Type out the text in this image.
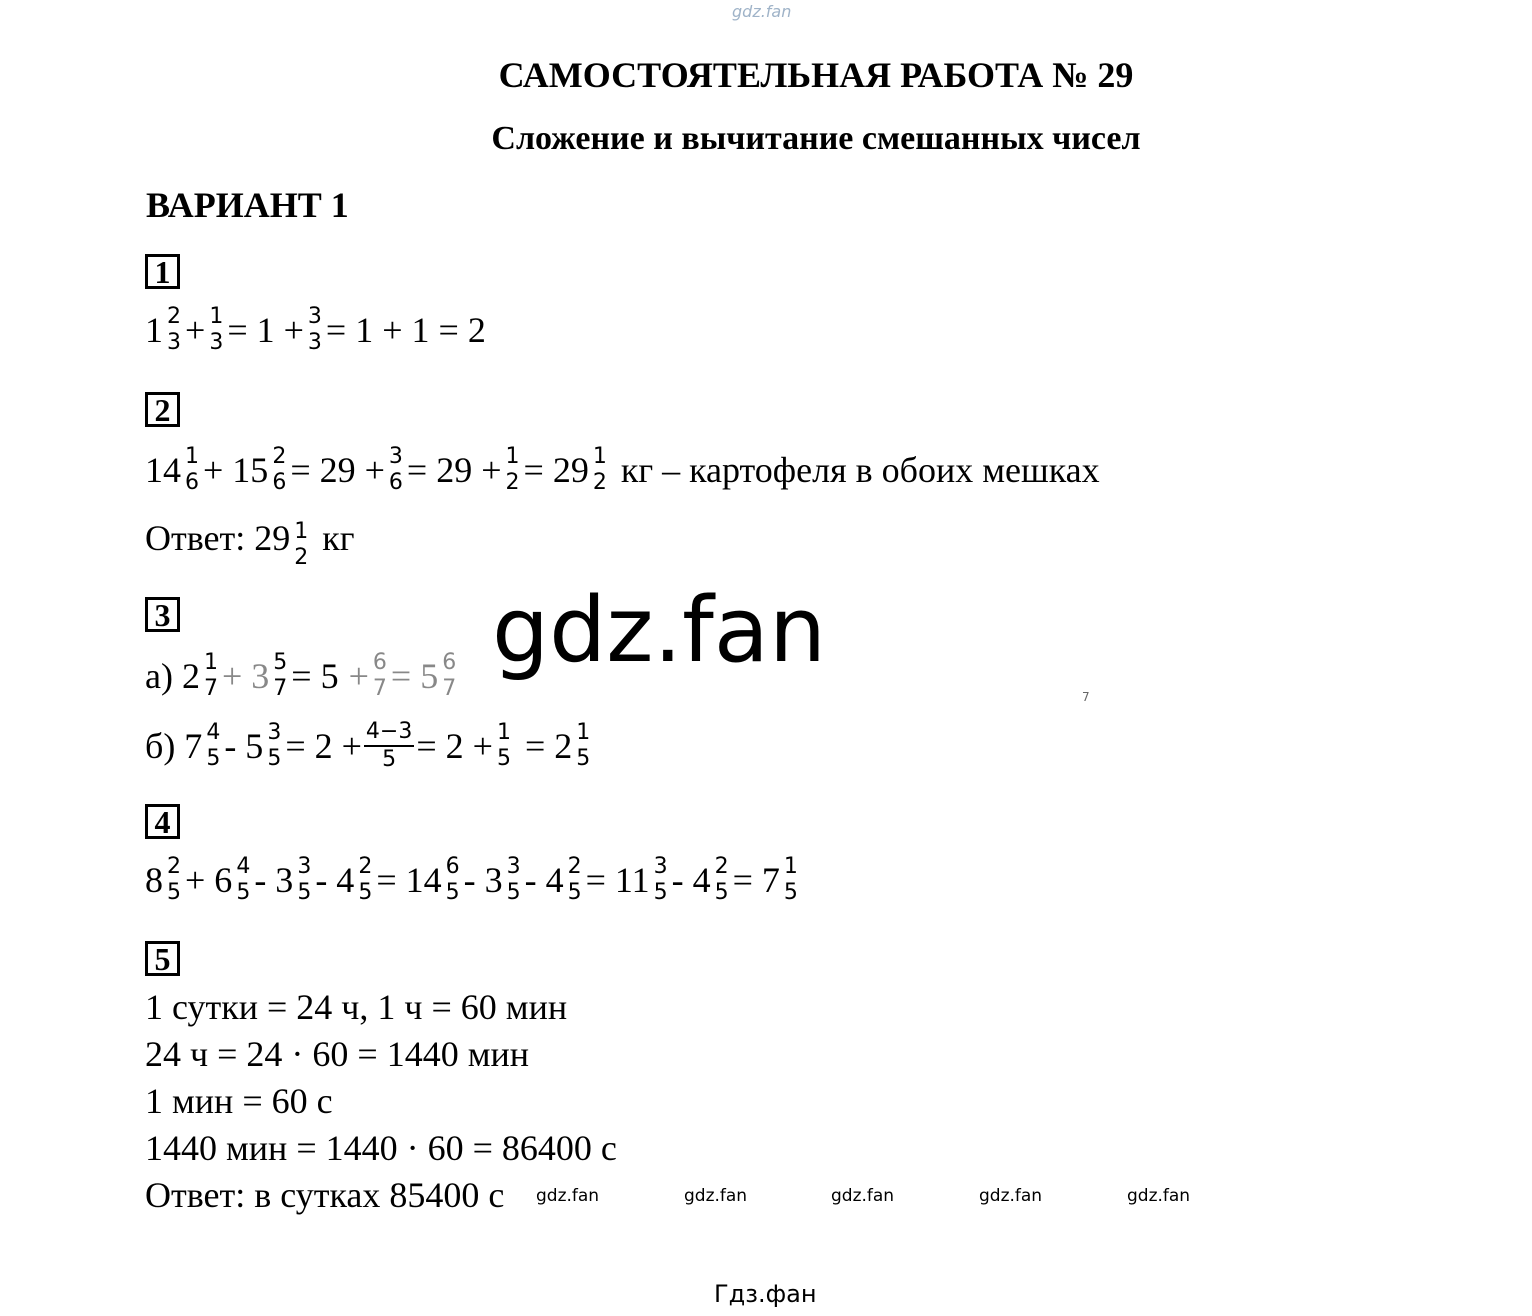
gdz.fan
САМОСТОЯТЕЛЬНАЯ РАБОТА № 29
Сложение и вычитание смешанных чисел
ВАРИАНТ 1
1
1 2
3 + 1
3 = 1 + 3
3 = 1 + 1 = 2
2
14 1
6 + 15 2
6 = 29 + 3
6 = 29 + 1
2 = 29 1
2 кг – картофеля в обоих мешках
Ответ: 29 1
2 кг
3
а) 2 1
7 + 3 5
7 = 5 + 6
7 = 5 6
7
б) 7 4
5 - 5 3
$5 = 2 + \frac{4-3}{5} = 2 + 1$
5 = 2 1
5
4
8 2
5 + 6 4
5 - 3 3
5 - 4 2
5 = 14 6
5 - 3 3
5 - 4 2
5 = 11 3
5 - 4 2
5 = 7 1
5
5
1 сутки = 24 ч, 1 ч = 60 мин
24 ч = 24 · 60 = 1440 мин
1 мин = 60 с
1440 мин = 1440 · 60 = 86400 с
Ответ: в сутках 85400 с
gdz.fan
7
gdz.fan	gdz.fan	gdz.fan	gdz.fan	gdz.fan
Гдз.фан
